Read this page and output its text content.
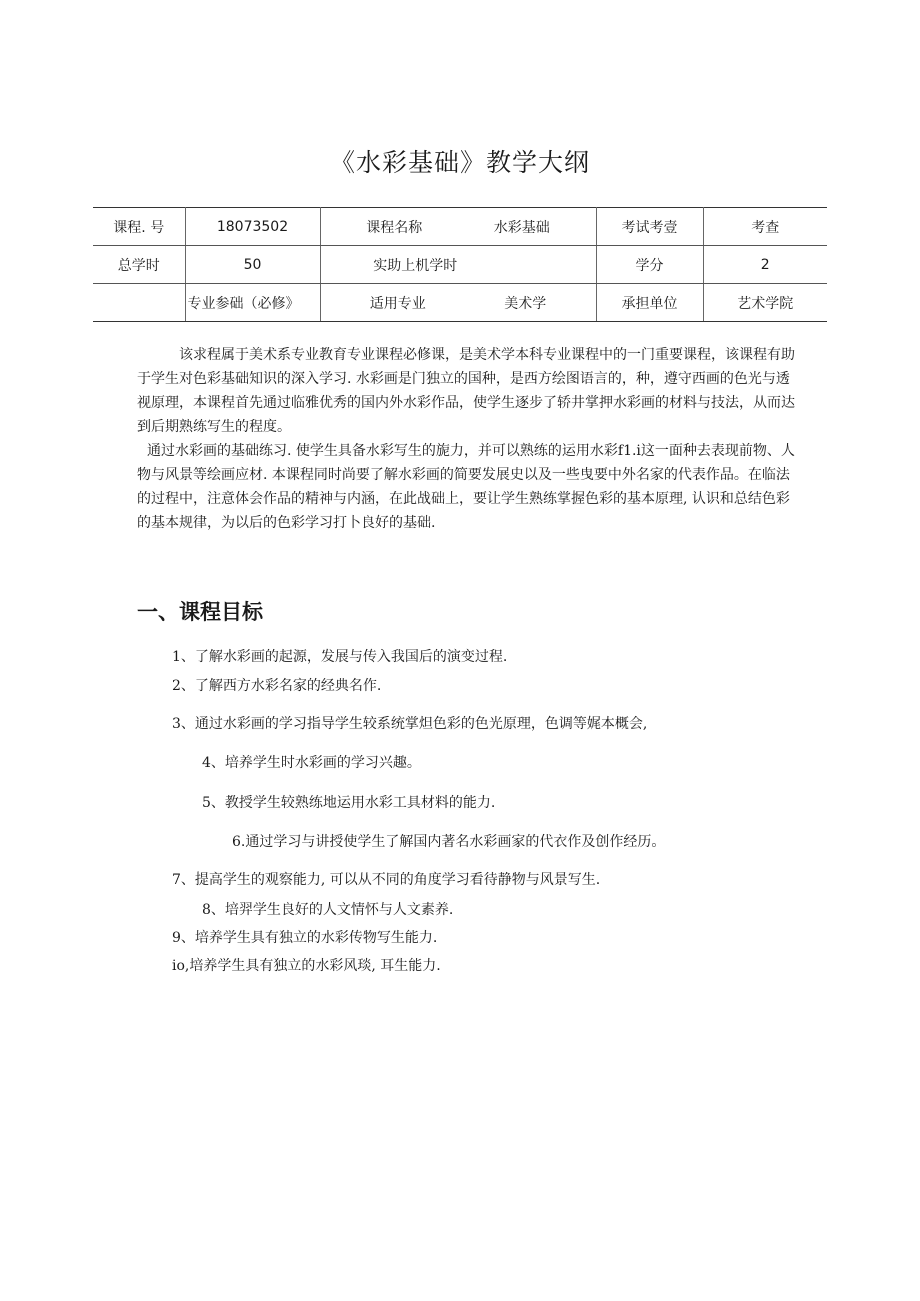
《水彩基础》教学大纲
课程. 号	18073502	课程名称 水彩基础	考试考壹	考查
总学时	50	实助上机学时	学分	2
	专业参础（必修》	适用专业 美术学	承担单位	艺术学院

该求程属于美术系专业教育专业课程必修课，是美术学本科专业课程中的一门重要课程，该课程有助于学生对色彩基础知识的深入学习. 水彩画是门独立的国种，是西方绘图语言的，种，遵守西画的色光与透视原理，本课程首先通过临雅优秀的国内外水彩作品，使学生逐步了轿井掌押水彩画的材料与技法，从而达到后期熟练写生的程度。

通过水彩画的基础练习. 使学生具备水彩写生的旎力，并可以熟练的运用水彩f1.i这一面种去表现前物、人物与风景等绘画应材. 本课程同时尚要了解水彩画的简要发展史以及一些曳要中外名家的代表作品。在临法的过程中，注意体会作品的精神与内涵，在此战础上，要让学生熟练掌握色彩的基本原理, 认识和总结色彩的基本规律，为以后的色彩学习打卜良好的基础.

一、课程目标
1、了解水彩画的起源，发展与传入我国后的演变过程.
2、了解西方水彩名家的经典名作.
3、通过水彩画的学习指导学生较系统掌炟色彩的色光原理，色调等娓本概会,
4、培养学生时水彩画的学习兴趣。
5、教授学生较熟练地运用水彩工具材料的能力.
6.通过学习与讲授使学生了解国内著名水彩画家的代衣作及创作经历。
7、提高学生的观察能力, 可以从不同的角度学习看待静物与风景写生.
8、培羿学生良好的人文情怀与人文素养.
9、培养学生具有独立的水彩传物写生能力.
io,培养学生具有独立的水彩风琰, 耳生能力.
